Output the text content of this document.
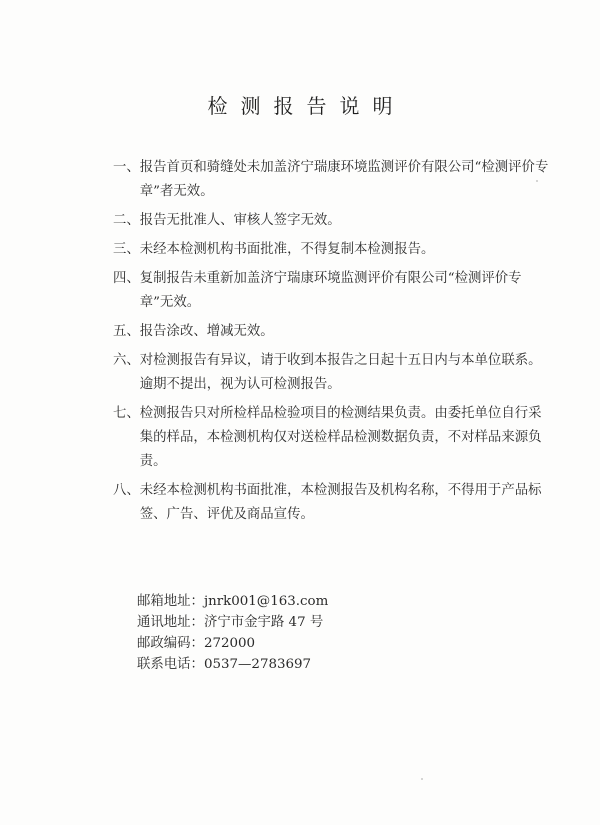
检测报告说明
一、 报告首页和骑缝处未加盖济宁瑞康环境监测评价有限公司“检测评价专章”者无效。
二、 报告无批准人、审核人签字无效。
三、 未经本检测机构书面批准，不得复制本检测报告。
四、 复制报告未重新加盖济宁瑞康环境监测评价有限公司“检测评价专章”无效。
五、 报告涂改、增减无效。
六、 对检测报告有异议，请于收到本报告之日起十五日内与本单位联系。逾期不提出，视为认可检测报告。
七、 检测报告只对所检样品检验项目的检测结果负责。由委托单位自行采集的样品，本检测机构仅对送检样品检测数据负责，不对样品来源负责。
八、 未经本检测机构书面批准，本检测报告及机构名称，不得用于产品标签、广告、评优及商品宣传。
邮箱地址：jnrk001@163.com
通讯地址：济宁市金宇路 47 号
邮政编码：272000
联系电话：0537—2783697
